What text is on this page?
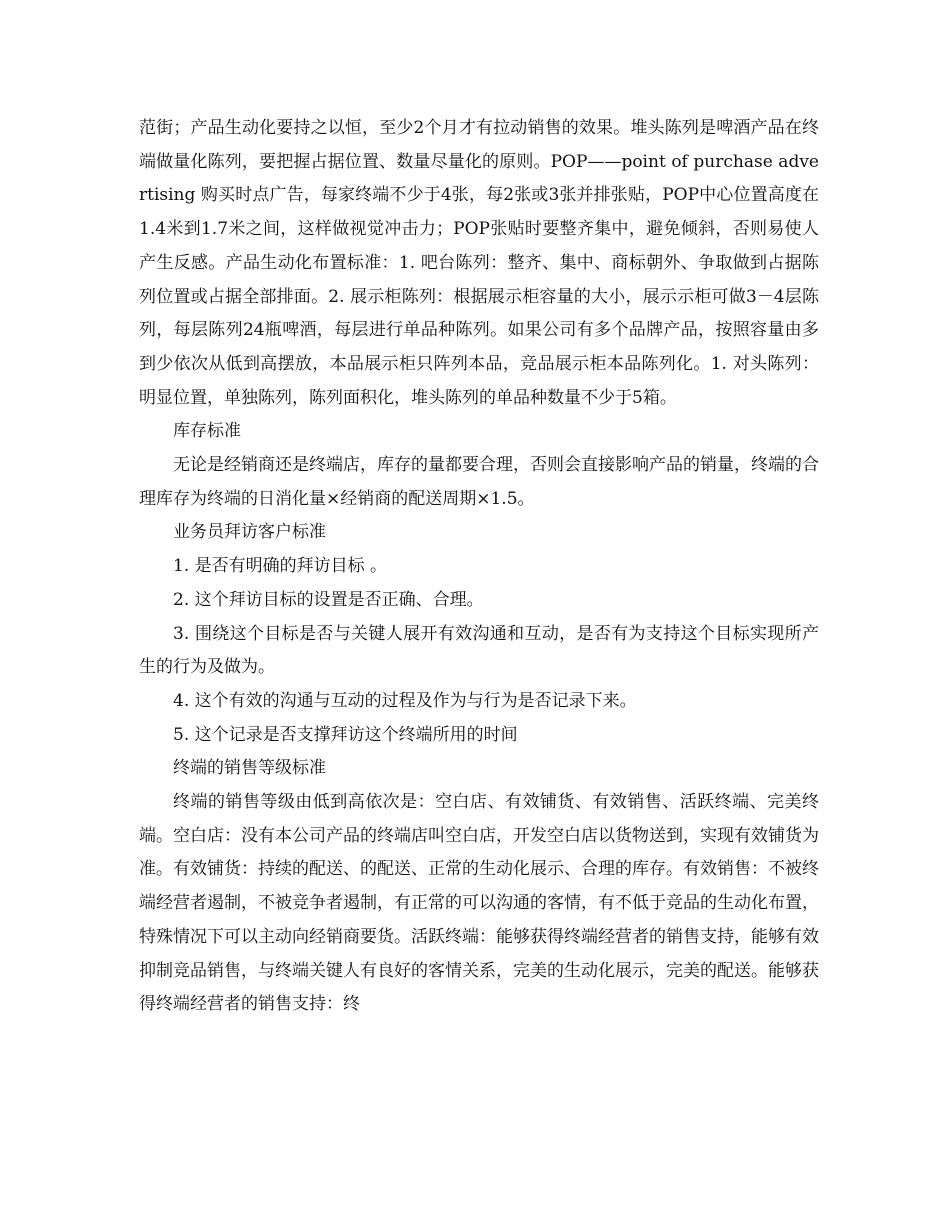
范街；产品生动化要持之以恒，至少2个月才有拉动销售的效果。堆头陈列是啤酒产品在终端做量化陈列，要把握占据位置、数量尽量化的原则。POP——point of purchase advertising 购买时点广告，每家终端不少于4张，每2张或3张并排张贴，POP中心位置高度在1.4米到1.7米之间，这样做视觉冲击力；POP张贴时要整齐集中，避免倾斜，否则易使人产生反感。产品生动化布置标准：1. 吧台陈列：整齐、集中、商标朝外、争取做到占据陈列位置或占据全部排面。2. 展示柜陈列：根据展示柜容量的大小，展示示柜可做3－4层陈列，每层陈列24瓶啤酒，每层进行单品种陈列。如果公司有多个品牌产品，按照容量由多到少依次从低到高摆放，本品展示柜只阵列本品，竞品展示柜本品陈列化。1. 对头陈列：明显位置，单独陈列，陈列面积化，堆头陈列的单品种数量不少于5箱。

库存标准

无论是经销商还是终端店，库存的量都要合理，否则会直接影响产品的销量，终端的合理库存为终端的日消化量×经销商的配送周期×1.5。

业务员拜访客户标准

1. 是否有明确的拜访目标 。

2. 这个拜访目标的设置是否正确、合理。

3. 围绕这个目标是否与关键人展开有效沟通和互动，是否有为支持这个目标实现所产生的行为及做为。

4. 这个有效的沟通与互动的过程及作为与行为是否记录下来。

5. 这个记录是否支撑拜访这个终端所用的时间

终端的销售等级标准

终端的销售等级由低到高依次是：空白店、有效铺货、有效销售、活跃终端、完美终端。空白店：没有本公司产品的终端店叫空白店，开发空白店以货物送到，实现有效铺货为准。有效铺货：持续的配送、的配送、正常的生动化展示、合理的库存。有效销售：不被终端经营者遏制，不被竞争者遏制，有正常的可以沟通的客情，有不低于竞品的生动化布置，特殊情况下可以主动向经销商要货。活跃终端：能够获得终端经营者的销售支持，能够有效抑制竞品销售，与终端关键人有良好的客情关系，完美的生动化展示，完美的配送。能够获得终端经营者的销售支持：终
